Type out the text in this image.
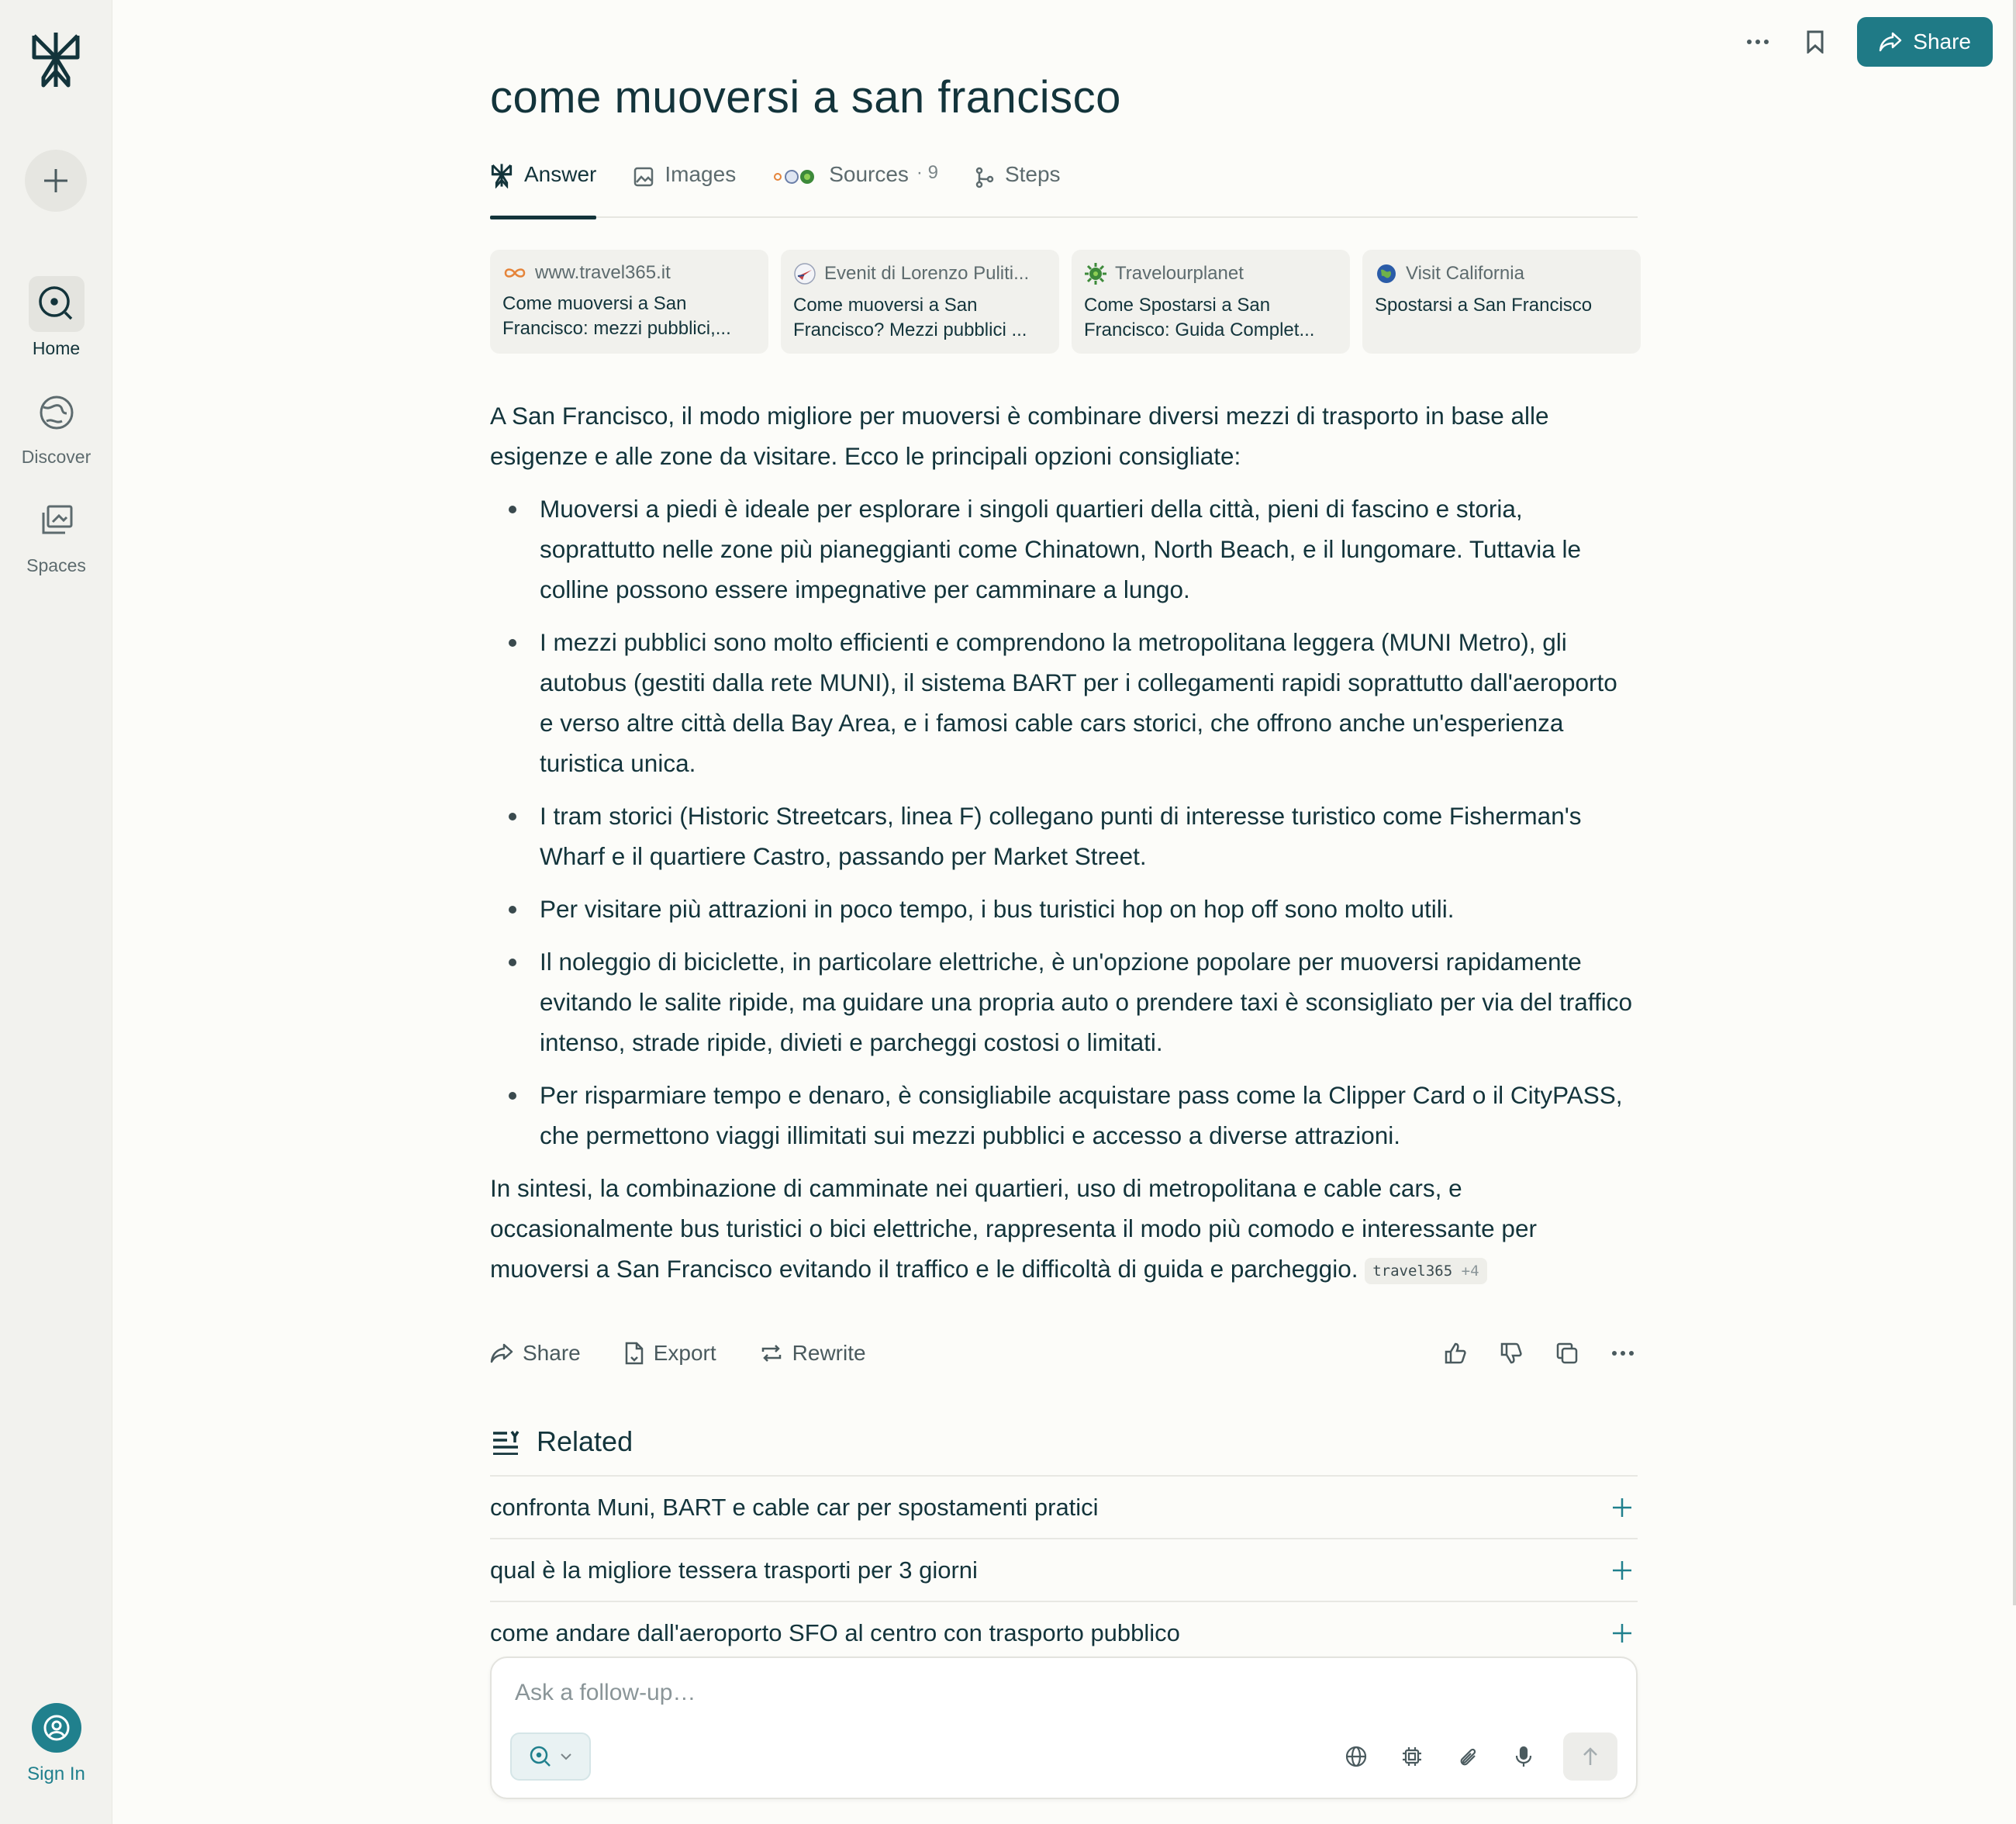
Home
Discover
Spaces
Sign In
Share
come muoversi a san francisco
Answer	Images	Sources · 9	Steps
www.travel365.it
Come muoversi a San Francisco: mezzi pubblici,...
Evenit di Lorenzo Puliti...
Come muoversi a San Francisco? Mezzi pubblici ...
Travelourplanet
Come Spostarsi a San Francisco: Guida Complet...
Visit California
Spostarsi a San Francisco

A San Francisco, il modo migliore per muoversi è combinare diversi mezzi di trasporto in base alle esigenze e alle zone da visitare. Ecco le principali opzioni consigliate:

Muoversi a piedi è ideale per esplorare i singoli quartieri della città, pieni di fascino e storia, soprattutto nelle zone più pianeggianti come Chinatown, North Beach, e il lungomare. Tuttavia le colline possono essere impegnative per camminare a lungo.
I mezzi pubblici sono molto efficienti e comprendono la metropolitana leggera (MUNI Metro), gli autobus (gestiti dalla rete MUNI), il sistema BART per i collegamenti rapidi soprattutto dall'aeroporto e verso altre città della Bay Area, e i famosi cable cars storici, che offrono anche un'esperienza turistica unica.
I tram storici (Historic Streetcars, linea F) collegano punti di interesse turistico come Fisherman's Wharf e il quartiere Castro, passando per Market Street.
Per visitare più attrazioni in poco tempo, i bus turistici hop on hop off sono molto utili.
Il noleggio di biciclette, in particolare elettriche, è un'opzione popolare per muoversi rapidamente evitando le salite ripide, ma guidare una propria auto o prendere taxi è sconsigliato per via del traffico intenso, strade ripide, divieti e parcheggi costosi o limitati.
Per risparmiare tempo e denaro, è consigliabile acquistare pass come la Clipper Card o il CityPASS, che permettono viaggi illimitati sui mezzi pubblici e accesso a diverse attrazioni.

In sintesi, la combinazione di camminate nei quartieri, uso di metropolitana e cable cars, e occasionalmente bus turistici o bici elettriche, rappresenta il modo più comodo e interessante per muoversi a San Francisco evitando il traffico e le difficoltà di guida e parcheggio. travel365 +4

Share	Export	Rewrite
Related
confronta Muni, BART e cable car per spostamenti pratici
qual è la migliore tessera trasporti per 3 giorni
come andare dall'aeroporto SFO al centro con trasporto pubblico
Ask a follow-up…
